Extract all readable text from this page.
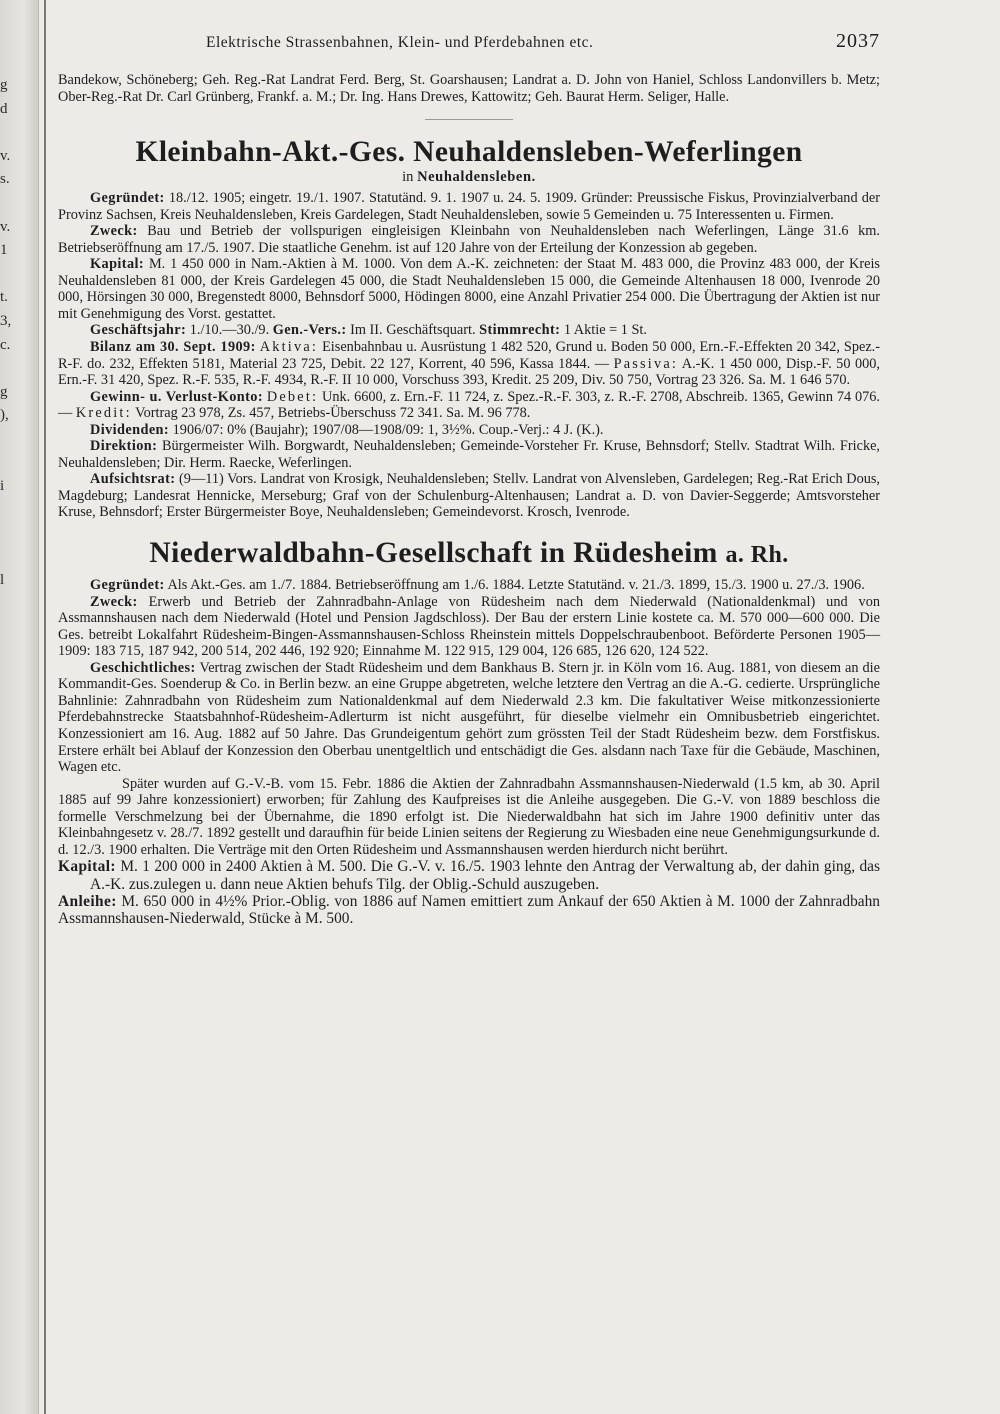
g
d
v.
s.
v.
1
t.
3,
c.
g
),
i
l
Elektrische Strassenbahnen, Klein- und Pferdebahnen etc.	2037

Bandekow, Schöneberg; Geh. Reg.-Rat Landrat Ferd. Berg, St. Goarshausen; Landrat a. D. John von Haniel, Schloss Landonvillers b. Metz; Ober-Reg.-Rat Dr. Carl Grünberg, Frankf. a. M.; Dr. Ing. Hans Drewes, Kattowitz; Geh. Baurat Herm. Seliger, Halle.

Kleinbahn-Akt.-Ges. Neuhaldensleben-Weferlingen
in Neuhaldensleben.

Gegründet: 18./12. 1905; eingetr. 19./1. 1907. Statutänd. 9. 1. 1907 u. 24. 5. 1909. Gründer: Preussische Fiskus, Provinzialverband der Provinz Sachsen, Kreis Neuhaldensleben, Kreis Gardelegen, Stadt Neuhaldensleben, sowie 5 Gemeinden u. 75 Interessenten u. Firmen.

Zweck: Bau und Betrieb der vollspurigen eingleisigen Kleinbahn von Neuhaldensleben nach Weferlingen, Länge 31.6 km. Betriebseröffnung am 17./5. 1907. Die staatliche Genehm. ist auf 120 Jahre von der Erteilung der Konzession ab gegeben.

Kapital: M. 1 450 000 in Nam.-Aktien à M. 1000. Von dem A.-K. zeichneten: der Staat M. 483 000, die Provinz 483 000, der Kreis Neuhaldensleben 81 000, der Kreis Gardelegen 45 000, die Stadt Neuhaldensleben 15 000, die Gemeinde Altenhausen 18 000, Ivenrode 20 000, Hörsingen 30 000, Bregenstedt 8000, Behnsdorf 5000, Hödingen 8000, eine Anzahl Privatier 254 000. Die Übertragung der Aktien ist nur mit Genehmigung des Vorst. gestattet.

Geschäftsjahr: 1./10.—30./9. Gen.-Vers.: Im II. Geschäftsquart. Stimmrecht: 1 Aktie = 1 St.

Bilanz am 30. Sept. 1909: Aktiva: Eisenbahnbau u. Ausrüstung 1 482 520, Grund u. Boden 50 000, Ern.-F.-Effekten 20 342, Spez.-R-F. do. 232, Effekten 5181, Material 23 725, Debit. 22 127, Korrent, 40 596, Kassa 1844. — Passiva: A.-K. 1 450 000, Disp.-F. 50 000, Ern.-F. 31 420, Spez. R.-F. 535, R.-F. 4934, R.-F. II 10 000, Vorschuss 393, Kredit. 25 209, Div. 50 750, Vortrag 23 326. Sa. M. 1 646 570.

Gewinn- u. Verlust-Konto: Debet: Unk. 6600, z. Ern.-F. 11 724, z. Spez.-R.-F. 303, z. R.-F. 2708, Abschreib. 1365, Gewinn 74 076. — Kredit: Vortrag 23 978, Zs. 457, Betriebs-Überschuss 72 341. Sa. M. 96 778.

Dividenden: 1906/07: 0% (Baujahr); 1907/08—1908/09: 1, 3½%. Coup.-Verj.: 4 J. (K.).

Direktion: Bürgermeister Wilh. Borgwardt, Neuhaldensleben; Gemeinde-Vorsteher Fr. Kruse, Behnsdorf; Stellv. Stadtrat Wilh. Fricke, Neuhaldensleben; Dir. Herm. Raecke, Weferlingen.

Aufsichtsrat: (9—11) Vors. Landrat von Krosigk, Neuhaldensleben; Stellv. Landrat von Alvensleben, Gardelegen; Reg.-Rat Erich Dous, Magdeburg; Landesrat Hennicke, Merseburg; Graf von der Schulenburg-Altenhausen; Landrat a. D. von Davier-Seggerde; Amtsvorsteher Kruse, Behnsdorf; Erster Bürgermeister Boye, Neuhaldensleben; Gemeindevorst. Krosch, Ivenrode.

Niederwaldbahn-Gesellschaft in Rüdesheim a. Rh.

Gegründet: Als Akt.-Ges. am 1./7. 1884. Betriebseröffnung am 1./6. 1884. Letzte Statutänd. v. 21./3. 1899, 15./3. 1900 u. 27./3. 1906.

Zweck: Erwerb und Betrieb der Zahnradbahn-Anlage von Rüdesheim nach dem Niederwald (Nationaldenkmal) und von Assmannshausen nach dem Niederwald (Hotel und Pension Jagdschloss). Der Bau der erstern Linie kostete ca. M. 570 000—600 000. Die Ges. betreibt Lokalfahrt Rüdesheim-Bingen-Assmannshausen-Schloss Rheinstein mittels Doppelschraubenboot. Beförderte Personen 1905—1909: 183 715, 187 942, 200 514, 202 446, 192 920; Einnahme M. 122 915, 129 004, 126 685, 126 620, 124 522.

Geschichtliches: Vertrag zwischen der Stadt Rüdesheim und dem Bankhaus B. Stern jr. in Köln vom 16. Aug. 1881, von diesem an die Kommandit-Ges. Soenderup & Co. in Berlin bezw. an eine Gruppe abgetreten, welche letztere den Vertrag an die A.-G. cedierte. Ursprüngliche Bahnlinie: Zahnradbahn von Rüdesheim zum Nationaldenkmal auf dem Niederwald 2.3 km. Die fakultativer Weise mitkonzessionierte Pferdebahnstrecke Staatsbahnhof-Rüdesheim-Adlerturm ist nicht ausgeführt, für dieselbe vielmehr ein Omnibusbetrieb eingerichtet. Konzessioniert am 16. Aug. 1882 auf 50 Jahre. Das Grundeigentum gehört zum grössten Teil der Stadt Rüdesheim bezw. dem Forstfiskus. Erstere erhält bei Ablauf der Konzession den Oberbau unentgeltlich und entschädigt die Ges. alsdann nach Taxe für die Gebäude, Maschinen, Wagen etc.

Später wurden auf G.-V.-B. vom 15. Febr. 1886 die Aktien der Zahnradbahn Assmannshausen-Niederwald (1.5 km, ab 30. April 1885 auf 99 Jahre konzessioniert) erworben; für Zahlung des Kaufpreises ist die Anleihe ausgegeben. Die G.-V. von 1889 beschloss die formelle Verschmelzung bei der Übernahme, die 1890 erfolgt ist. Die Niederwaldbahn hat sich im Jahre 1900 definitiv unter das Kleinbahngesetz v. 28./7. 1892 gestellt und daraufhin für beide Linien seitens der Regierung zu Wiesbaden eine neue Genehmigungsurkunde d. d. 12./3. 1900 erhalten. Die Verträge mit den Orten Rüdesheim und Assmannshausen werden hierdurch nicht berührt.

Kapital: M. 1 200 000 in 2400 Aktien à M. 500. Die G.-V. v. 16./5. 1903 lehnte den Antrag der Verwaltung ab, der dahin ging, das A.-K. zus.zulegen u. dann neue Aktien behufs Tilg. der Oblig.-Schuld auszugeben.

Anleihe: M. 650 000 in 4½% Prior.-Oblig. von 1886 auf Namen emittiert zum Ankauf der 650 Aktien à M. 1000 der Zahnradbahn Assmannshausen-Niederwald, Stücke à M. 500.
